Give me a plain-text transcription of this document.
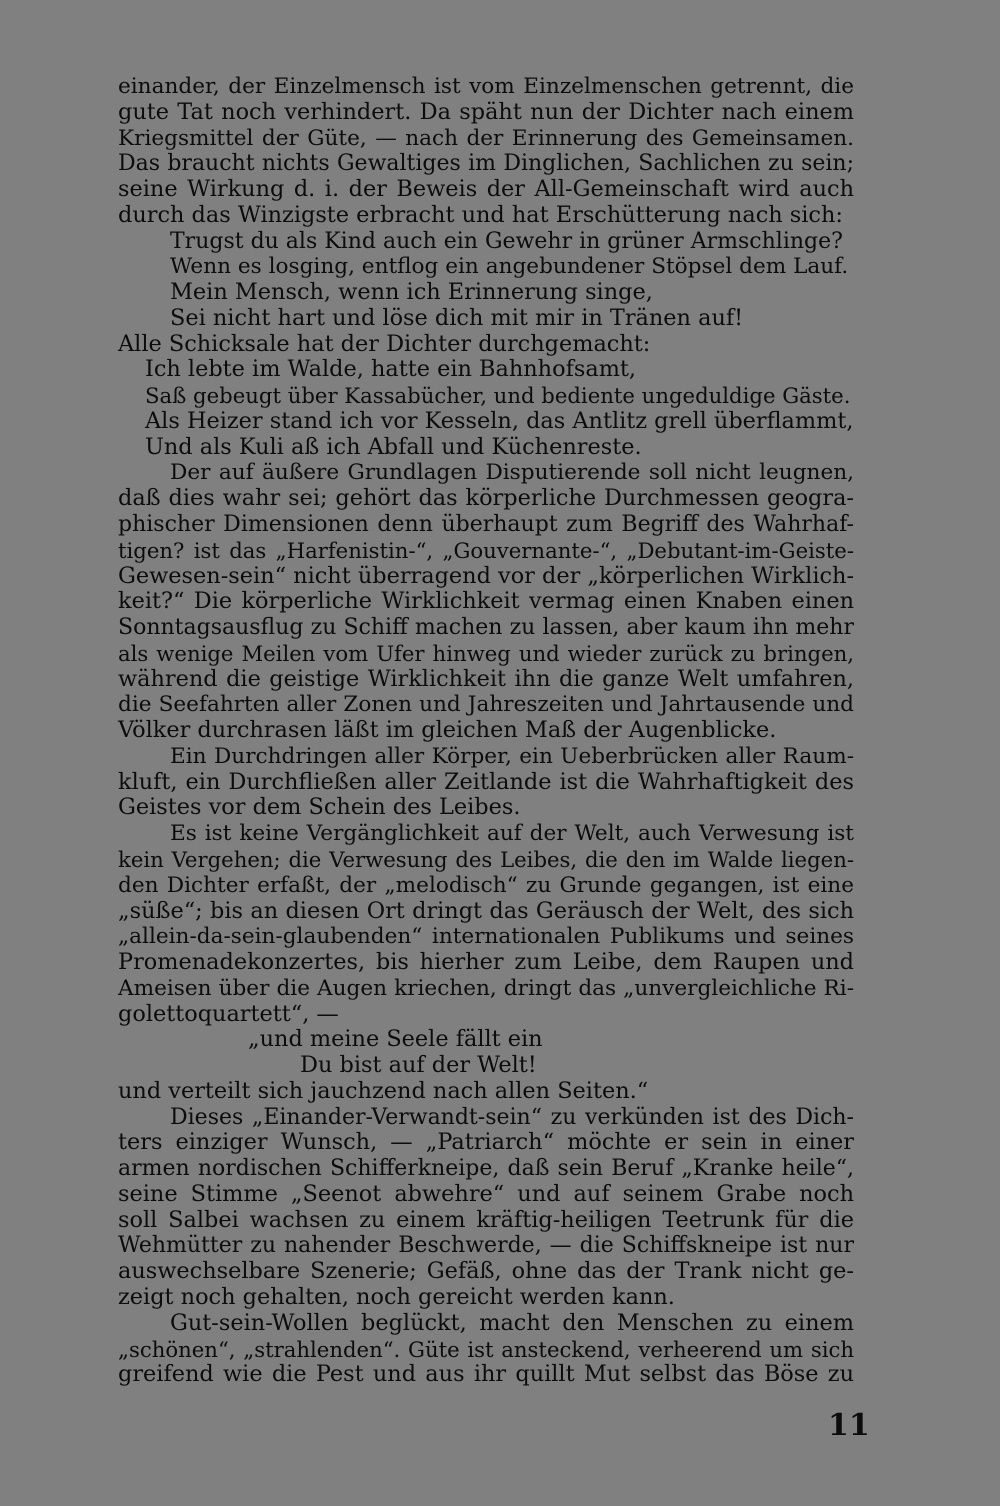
einander, der Einzelmensch ist vom Einzelmenschen getrennt, die
gute Tat noch verhindert. Da späht nun der Dichter nach einem
Kriegsmittel der Güte, — nach der Erinnerung des Gemeinsamen.
Das braucht nichts Gewaltiges im Dinglichen, Sachlichen zu sein;
seine Wirkung d. i. der Beweis der All-Gemeinschaft wird auch
durch das Winzigste erbracht und hat Erschütterung nach sich:
Trugst du als Kind auch ein Gewehr in grüner Armschlinge?
Wenn es losging, entflog ein angebundener Stöpsel dem Lauf.
Mein Mensch, wenn ich Erinnerung singe,
Sei nicht hart und löse dich mit mir in Tränen auf!
Alle Schicksale hat der Dichter durchgemacht:
Ich lebte im Walde, hatte ein Bahnhofsamt,
Saß gebeugt über Kassabücher, und bediente ungeduldige Gäste.
Als Heizer stand ich vor Kesseln, das Antlitz grell überflammt,
Und als Kuli aß ich Abfall und Küchenreste.
Der auf äußere Grundlagen Disputierende soll nicht leugnen,
daß dies wahr sei; gehört das körperliche Durchmessen geogra-
phischer Dimensionen denn überhaupt zum Begriff des Wahrhaf-
tigen? ist das „Harfenistin-“, „Gouvernante-“, „Debutant-im-Geiste-
Gewesen-sein“ nicht überragend vor der „körperlichen Wirklich-
keit?“ Die körperliche Wirklichkeit vermag einen Knaben einen
Sonntagsausflug zu Schiff machen zu lassen, aber kaum ihn mehr
als wenige Meilen vom Ufer hinweg und wieder zurück zu bringen,
während die geistige Wirklichkeit ihn die ganze Welt umfahren,
die Seefahrten aller Zonen und Jahreszeiten und Jahrtausende und
Völker durchrasen läßt im gleichen Maß der Augenblicke.
Ein Durchdringen aller Körper, ein Ueberbrücken aller Raum-
kluft, ein Durchfließen aller Zeitlande ist die Wahrhaftigkeit des
Geistes vor dem Schein des Leibes.
Es ist keine Vergänglichkeit auf der Welt, auch Verwesung ist
kein Vergehen; die Verwesung des Leibes, die den im Walde liegen-
den Dichter erfaßt, der „melodisch“ zu Grunde gegangen, ist eine
„süße“; bis an diesen Ort dringt das Geräusch der Welt, des sich
„allein-da-sein-glaubenden“ internationalen Publikums und seines
Promenadekonzertes, bis hierher zum Leibe, dem Raupen und
Ameisen über die Augen kriechen, dringt das „unvergleichliche Ri-
golettoquartett“, —
„und meine Seele fällt ein
Du bist auf der Welt!
und verteilt sich jauchzend nach allen Seiten.“
Dieses „Einander-Verwandt-sein“ zu verkünden ist des Dich-
ters einziger Wunsch, — „Patriarch“ möchte er sein in einer
armen nordischen Schifferkneipe, daß sein Beruf „Kranke heile“,
seine Stimme „Seenot abwehre“ und auf seinem Grabe noch
soll Salbei wachsen zu einem kräftig-heiligen Teetrunk für die
Wehmütter zu nahender Beschwerde, — die Schiffskneipe ist nur
auswechselbare Szenerie; Gefäß, ohne das der Trank nicht ge-
zeigt noch gehalten, noch gereicht werden kann.
Gut-sein-Wollen beglückt, macht den Menschen zu einem
„schönen“, „strahlenden“. Güte ist ansteckend, verheerend um sich
greifend wie die Pest und aus ihr quillt Mut selbst das Böse zu
11
